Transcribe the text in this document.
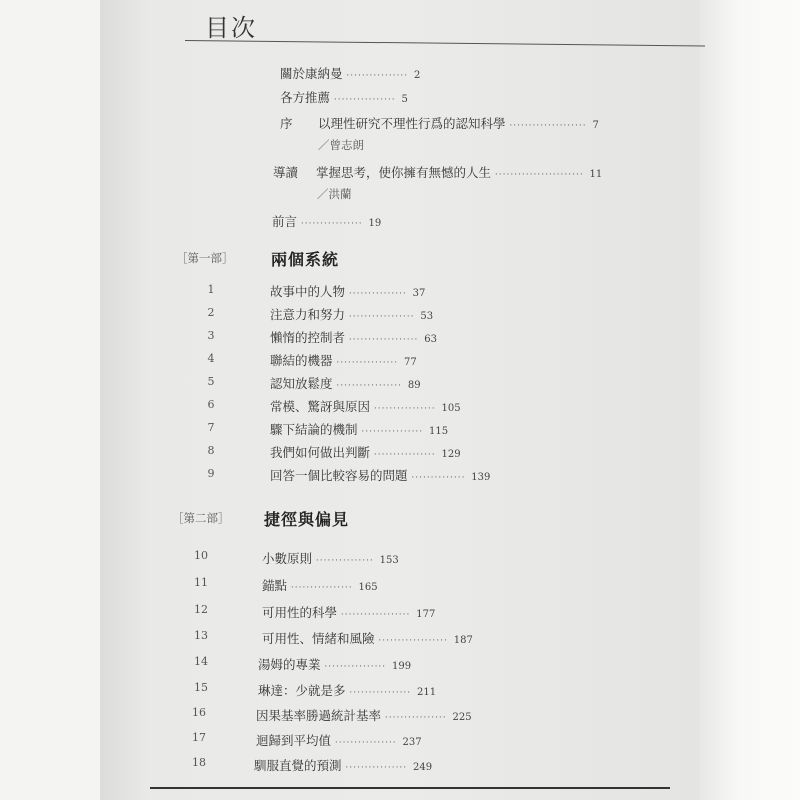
目次
關於康納曼 ················ 2
各方推薦 ················ 5
序 以理性研究不理性行爲的認知科學 ···················· 7
／曾志朗
導讀 掌握思考，使你擁有無憾的人生 ······················· 11
／洪蘭
前言 ················ 19
［第一部］ 兩個系統
1	故事中的人物 ··············· 37
2	注意力和努力 ················· 53
3	懶惰的控制者 ·················· 63
4	聯結的機器 ················ 77
5	認知放鬆度 ················· 89
6	常模、驚訝與原因 ················ 105
7	驟下結論的機制 ················ 115
8	我們如何做出判斷 ················ 129
9	回答一個比較容易的問題 ·············· 139
［第二部］ 捷徑與偏見
10	小數原則 ··············· 153
11	錨點 ················ 165
12	可用性的科學 ·················· 177
13	可用性、情緒和風險 ·················· 187
14	湯姆的專業 ················ 199
15	琳達：少就是多 ················ 211
16	因果基率勝過統計基率 ················ 225
17	迴歸到平均值 ················ 237
18	馴服直覺的預測 ················ 249
